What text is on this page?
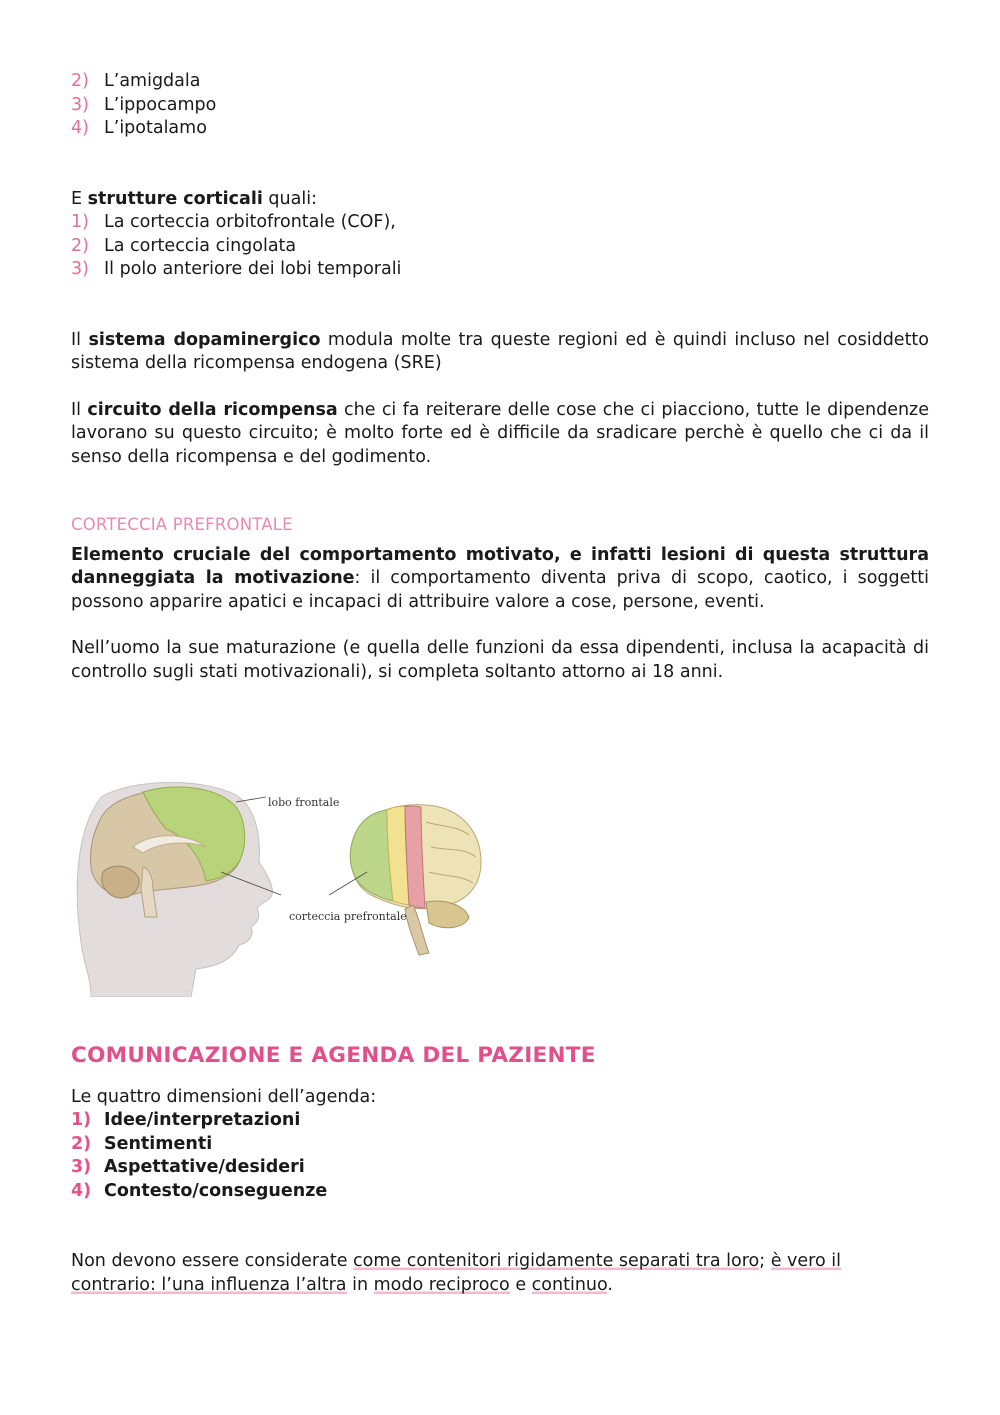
2) L’amigdala
3) L’ippocampo
4) L’ipotalamo

E strutture corticali quali:

1) La corteccia orbitofrontale (COF),
2) La corteccia cingolata
3) Il polo anteriore dei lobi temporali

Il sistema dopaminergico modula molte tra queste regioni ed è quindi incluso nel cosiddetto sistema della ricompensa endogena (SRE)

Il circuito della ricompensa che ci fa reiterare delle cose che ci piacciono, tutte le dipendenze lavorano su questo circuito; è molto forte ed è difficile da sradicare perchè è quello che ci da il senso della ricompensa e del godimento.

CORTECCIA PREFRONTALE

Elemento cruciale del comportamento motivato, e infatti lesioni di questa struttura danneggiata la motivazione: il comportamento diventa priva di scopo, caotico, i soggetti possono apparire apatici e incapaci di attribuire valore a cose, persone, eventi.

Nell’uomo la sue maturazione (e quella delle funzioni da essa dipendenti, inclusa la acapacità di controllo sugli stati motivazionali), si completa soltanto attorno ai 18 anni.

lobo frontale
corteccia prefrontale
COMUNICAZIONE E AGENDA DEL PAZIENTE

Le quattro dimensioni dell’agenda:

1) Idee/interpretazioni
2) Sentimenti
3) Aspettative/desideri
4) Contesto/conseguenze

Non devono essere considerate come contenitori rigidamente separati tra loro; è vero il contrario: l’una influenza l’altra in modo reciproco e continuo.
